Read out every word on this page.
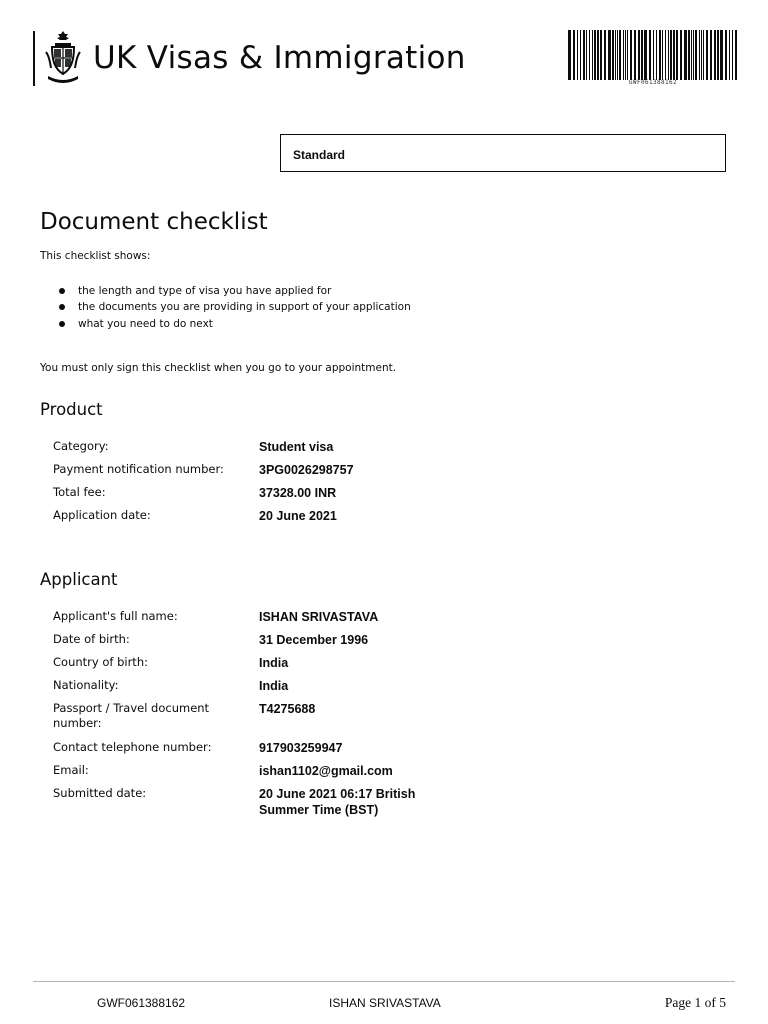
UK Visas & Immigration
GWF061388162
Standard
Document checklist

This checklist shows:

the length and type of visa you have applied for
the documents you are providing in support of your application
what you need to do next

You must only sign this checklist when you go to your appointment.

Product
Category:	Student visa
Payment notification number:	3PG0026298757
Total fee:	37328.00 INR
Application date:	20 June 2021
Applicant
Applicant's full name:	ISHAN SRIVASTAVA
Date of birth:	31 December 1996
Country of birth:	India
Nationality:	India
Passport / Travel document number:
T4275688
Contact telephone number:	917903259947
Email:	ishan1102@gmail.com
Submitted date:	20 June 2021 06:17 British Summer Time (BST)
GWF061388162	ISHAN SRIVASTAVA	Page 1 of 5
